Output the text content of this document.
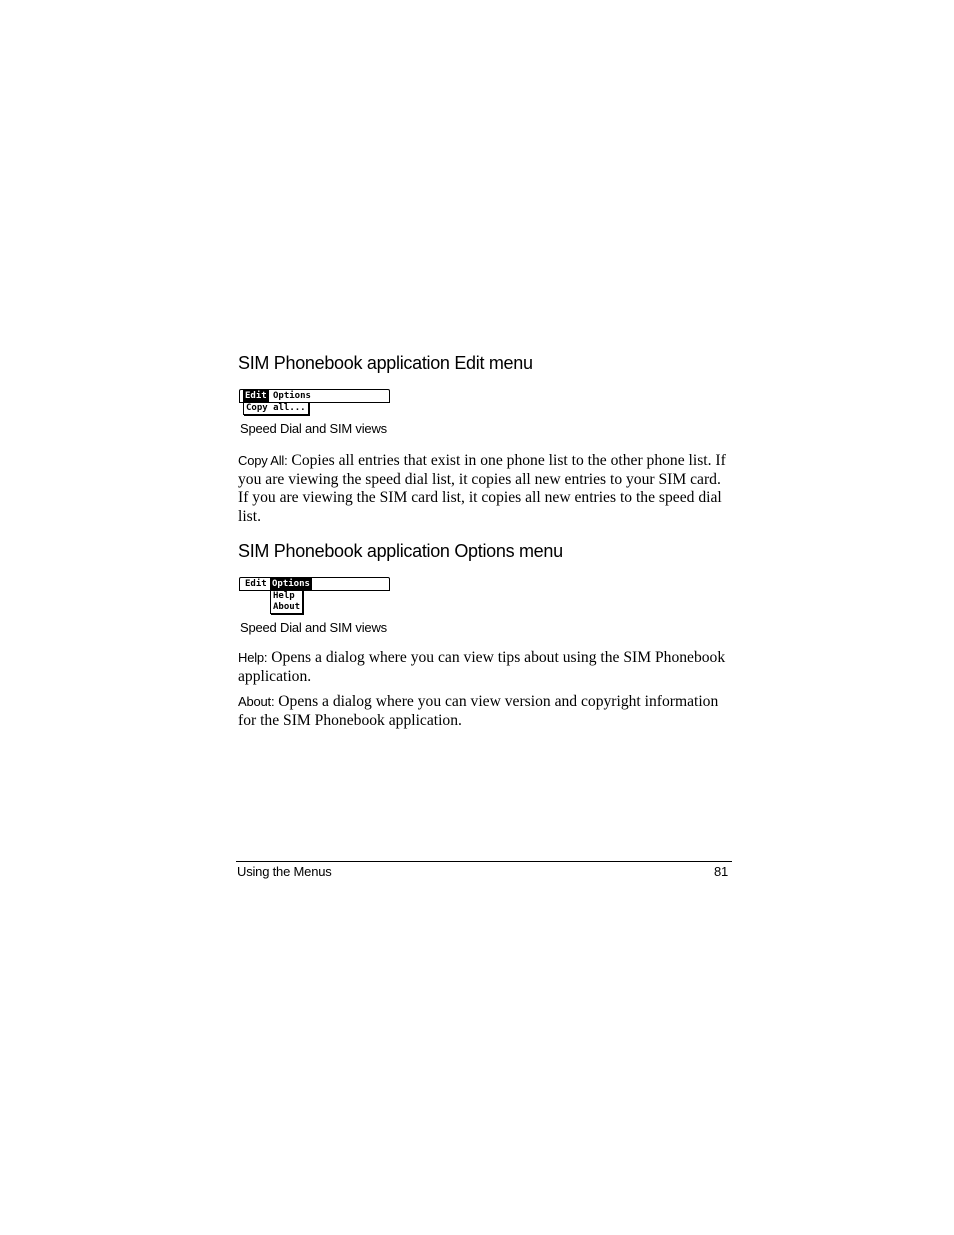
SIM Phonebook application Edit menu
Edit Options
Copy all...
Speed Dial and SIM views

Copy All: Copies all entries that exist in one phone list to the other phone list. If you are viewing the speed dial list, it copies all new entries to your SIM card. If you are viewing the SIM card list, it copies all new entries to the speed dial list.

SIM Phonebook application Options menu
Edit Options
Help
About
Speed Dial and SIM views

Help: Opens a dialog where you can view tips about using the SIM Phonebook application.

About: Opens a dialog where you can view version and copyright information for the SIM Phonebook application.

Using the Menus	81
